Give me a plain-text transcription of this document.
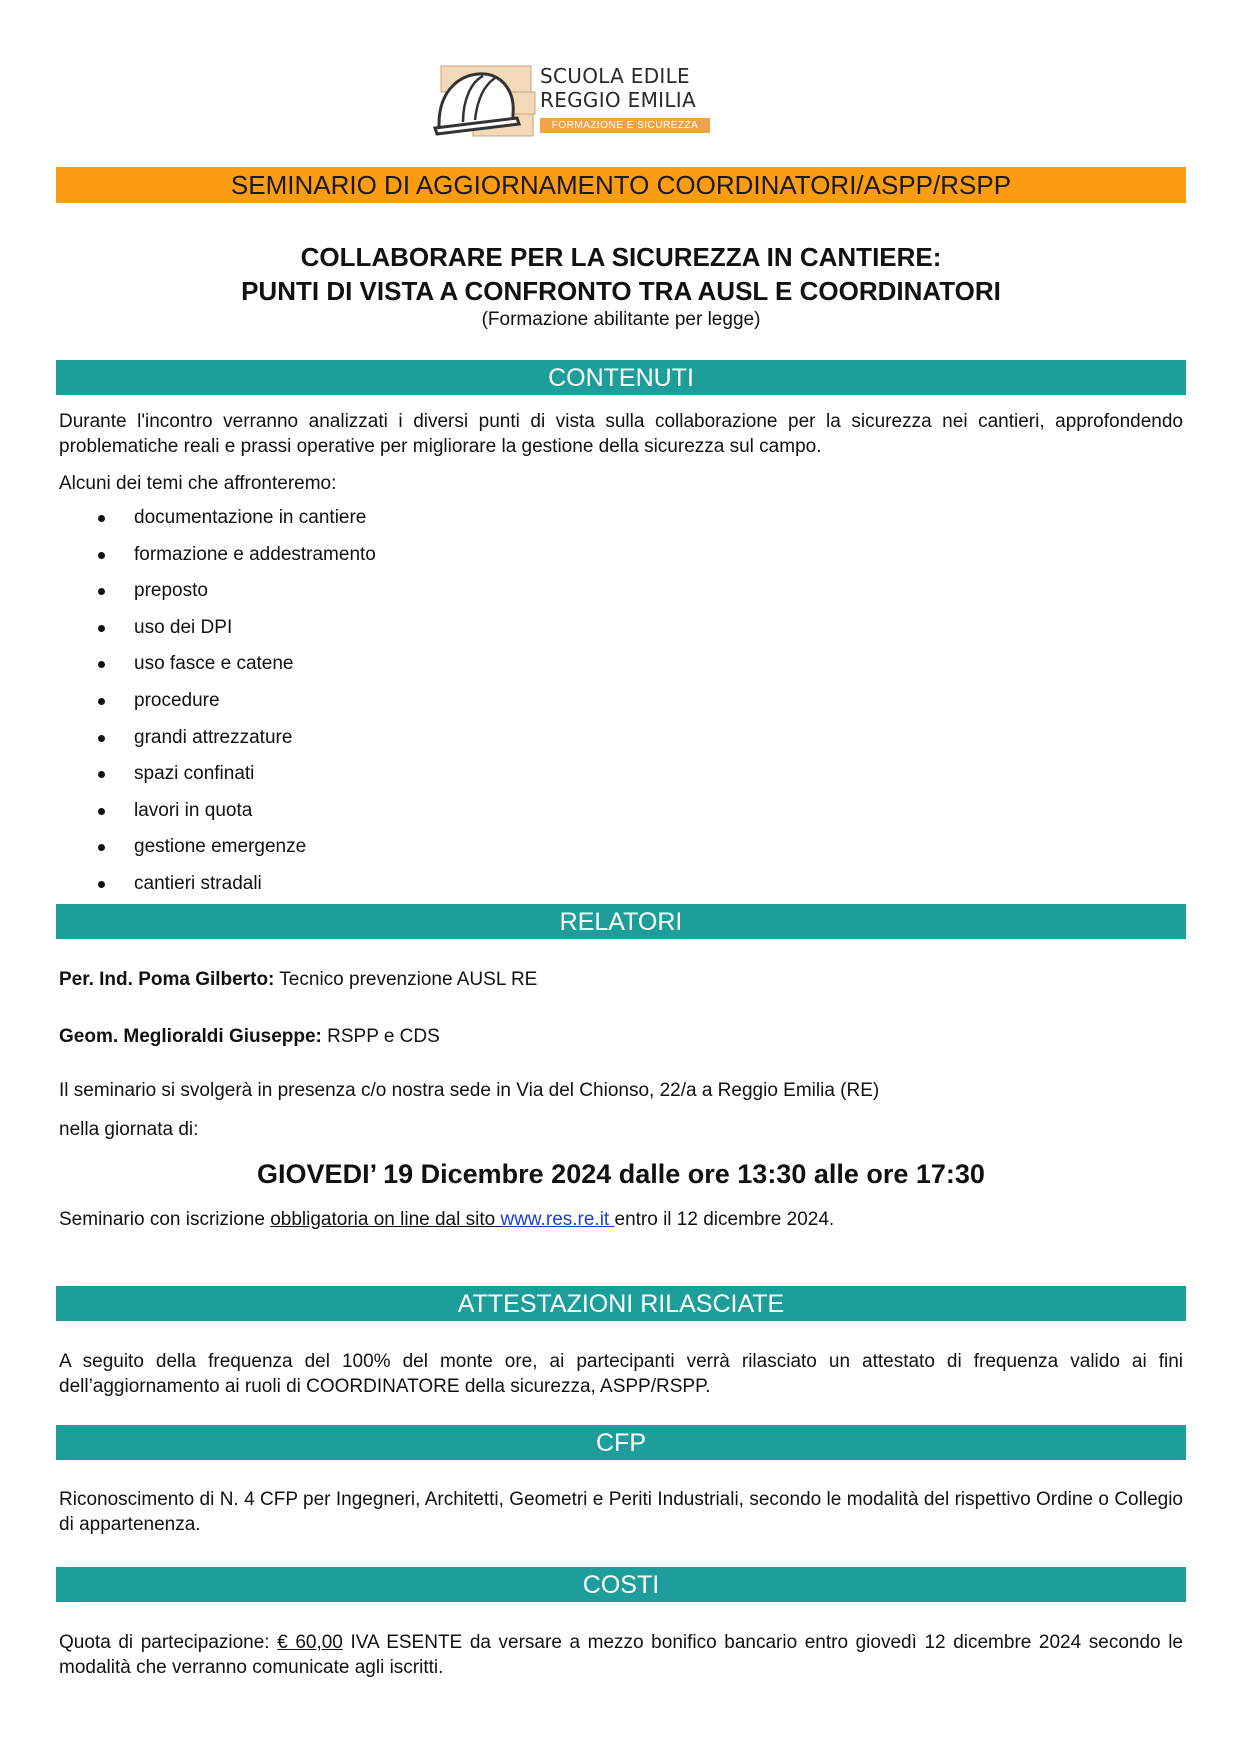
SCUOLA EDILE
REGGIO EMILIA
FORMAZIONE E SICUREZZA
SEMINARIO DI AGGIORNAMENTO COORDINATORI/ASPP/RSPP
COLLABORARE PER LA SICUREZZA IN CANTIERE:
PUNTI DI VISTA A CONFRONTO TRA AUSL E COORDINATORI
(Formazione abilitante per legge)
CONTENUTI
Durante l'incontro verranno analizzati i diversi punti di vista sulla collaborazione per la sicurezza nei cantieri, approfondendo problematiche reali e prassi operative per migliorare la gestione della sicurezza sul campo.
Alcuni dei temi che affronteremo:
documentazione in cantiere
formazione e addestramento
preposto
uso dei DPI
uso fasce e catene
procedure
grandi attrezzature
spazi confinati
lavori in quota
gestione emergenze
cantieri stradali
RELATORI
Per. Ind. Poma Gilberto: Tecnico prevenzione AUSL RE
Geom. Meglioraldi Giuseppe: RSPP e CDS
Il seminario si svolgerà in presenza c/o nostra sede in Via del Chionso, 22/a a Reggio Emilia (RE)
nella giornata di:
GIOVEDI’ 19 Dicembre 2024 dalle ore 13:30 alle ore 17:30
Seminario con iscrizione obbligatoria on line dal sito www.res.re.it entro il 12 dicembre 2024.
ATTESTAZIONI RILASCIATE
A seguito della frequenza del 100% del monte ore, ai partecipanti verrà rilasciato un attestato di frequenza valido ai fini dell’aggiornamento ai ruoli di COORDINATORE della sicurezza, ASPP/RSPP.
CFP
Riconoscimento di N. 4 CFP per Ingegneri, Architetti, Geometri e Periti Industriali, secondo le modalità del rispettivo Ordine o Collegio di appartenenza.
COSTI
Quota di partecipazione: € 60,00 IVA ESENTE da versare a mezzo bonifico bancario entro giovedì 12 dicembre 2024 secondo le modalità che verranno comunicate agli iscritti.
